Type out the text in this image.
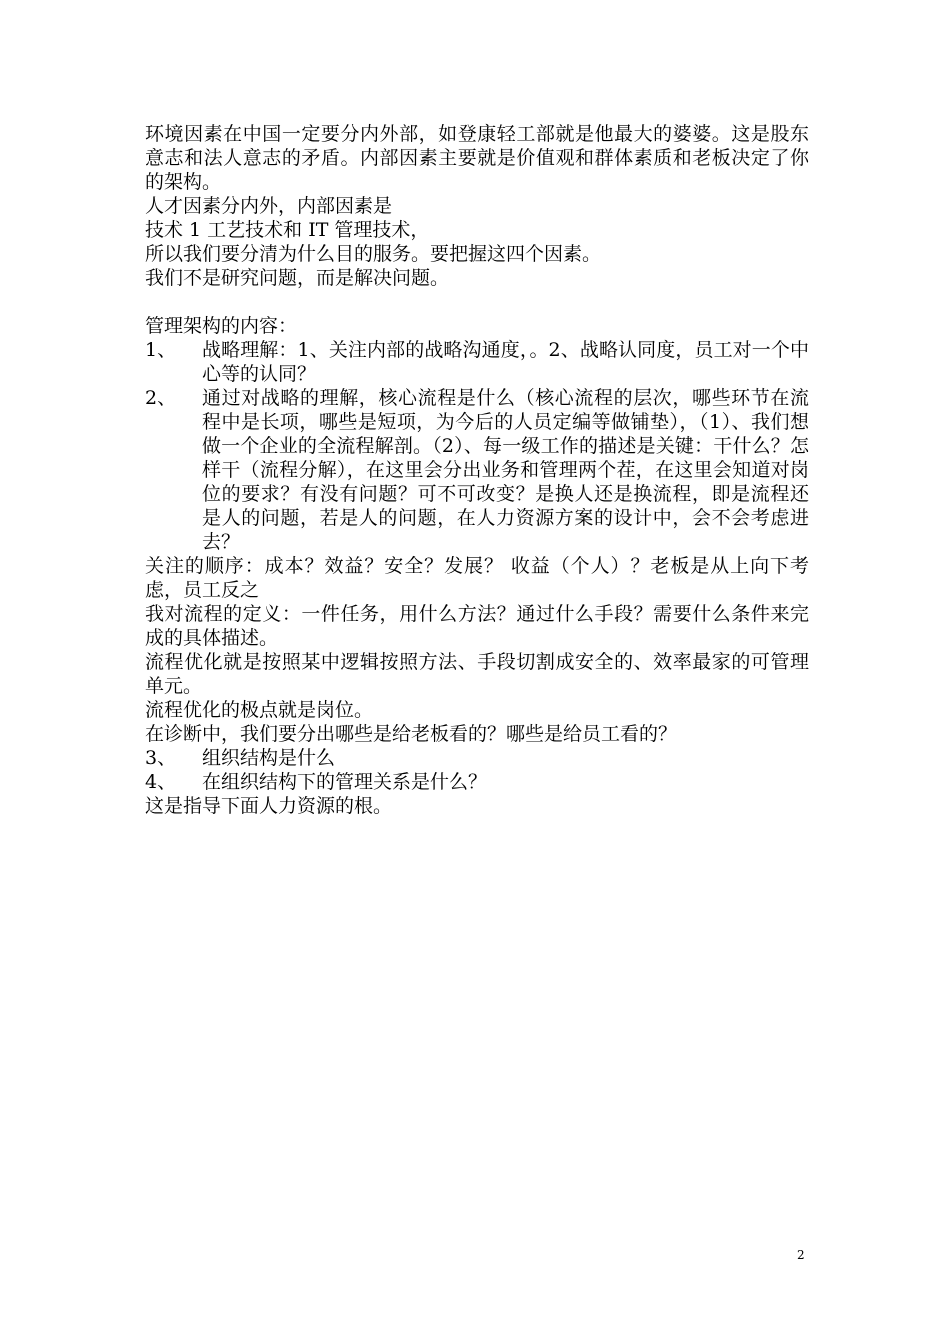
环境因素在中国一定要分内外部，如登康轻工部就是他最大的婆婆。这是股东意志和法人意志的矛盾。内部因素主要就是价值观和群体素质和老板决定了你的架构。

人才因素分内外，内部因素是

技术 1 工艺技术和 IT 管理技术，

所以我们要分清为什么目的服务。要把握这四个因素。

我们不是研究问题，而是解决问题。

管理架构的内容：

1、	战略理解：1、关注内部的战略沟通度，。2、战略认同度，员工对一个中心等的认同？
2、	通过对战略的理解，核心流程是什么（核心流程的层次，哪些环节在流程中是长项，哪些是短项，为今后的人员定编等做铺垫），（1）、我们想做一个企业的全流程解剖。（2）、每一级工作的描述是关键：干什么？怎样干（流程分解），在这里会分出业务和管理两个茬，在这里会知道对岗位的要求？有没有问题？可不可改变？是换人还是换流程，即是流程还是人的问题，若是人的问题，在人力资源方案的设计中，会不会考虑进去？

关注的顺序：成本？效益？安全？发展？ 收益（个人）？老板是从上向下考虑，员工反之

我对流程的定义：一件任务，用什么方法？通过什么手段？需要什么条件来完成的具体描述。

流程优化就是按照某中逻辑按照方法、手段切割成安全的、效率最家的可管理单元。

流程优化的极点就是岗位。

在诊断中，我们要分出哪些是给老板看的？哪些是给员工看的？

3、	组织结构是什么
4、	在组织结构下的管理关系是什么？

这是指导下面人力资源的根。

2
